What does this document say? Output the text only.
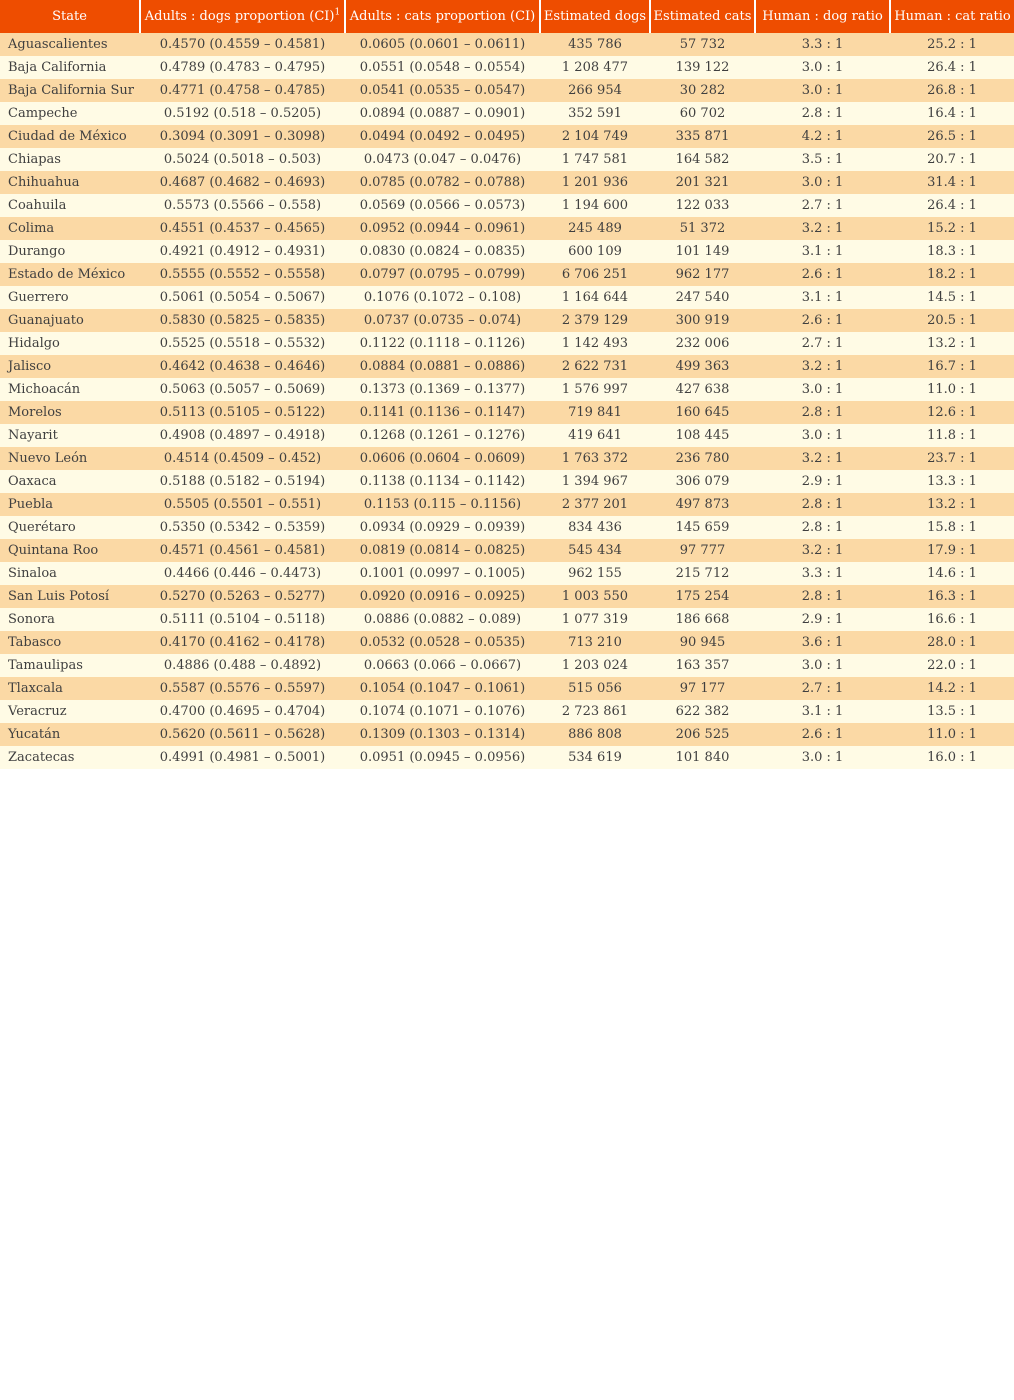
State	Adults : dogs proportion (CI)$^1$	Adults : cats proportion (CI)	Estimated dogs	Estimated cats	Human : dog ratio	Human : cat ratio
Aguascalientes	0.4570 (0.4559 – 0.4581)	0.0605 (0.0601 – 0.0611)	435 786	57 732	3.3 : 1	25.2 : 1
Baja California	0.4789 (0.4783 – 0.4795)	0.0551 (0.0548 – 0.0554)	1 208 477	139 122	3.0 : 1	26.4 : 1
Baja California Sur	0.4771 (0.4758 – 0.4785)	0.0541 (0.0535 – 0.0547)	266 954	30 282	3.0 : 1	26.8 : 1
Campeche	0.5192 (0.518 – 0.5205)	0.0894 (0.0887 – 0.0901)	352 591	60 702	2.8 : 1	16.4 : 1
Ciudad de México	0.3094 (0.3091 – 0.3098)	0.0494 (0.0492 – 0.0495)	2 104 749	335 871	4.2 : 1	26.5 : 1
Chiapas	0.5024 (0.5018 – 0.503)	0.0473 (0.047 – 0.0476)	1 747 581	164 582	3.5 : 1	20.7 : 1
Chihuahua	0.4687 (0.4682 – 0.4693)	0.0785 (0.0782 – 0.0788)	1 201 936	201 321	3.0 : 1	31.4 : 1
Coahuila	0.5573 (0.5566 – 0.558)	0.0569 (0.0566 – 0.0573)	1 194 600	122 033	2.7 : 1	26.4 : 1
Colima	0.4551 (0.4537 – 0.4565)	0.0952 (0.0944 – 0.0961)	245 489	51 372	3.2 : 1	15.2 : 1
Durango	0.4921 (0.4912 – 0.4931)	0.0830 (0.0824 – 0.0835)	600 109	101 149	3.1 : 1	18.3 : 1
Estado de México	0.5555 (0.5552 – 0.5558)	0.0797 (0.0795 – 0.0799)	6 706 251	962 177	2.6 : 1	18.2 : 1
Guerrero	0.5061 (0.5054 – 0.5067)	0.1076 (0.1072 – 0.108)	1 164 644	247 540	3.1 : 1	14.5 : 1
Guanajuato	0.5830 (0.5825 – 0.5835)	0.0737 (0.0735 – 0.074)	2 379 129	300 919	2.6 : 1	20.5 : 1
Hidalgo	0.5525 (0.5518 – 0.5532)	0.1122 (0.1118 – 0.1126)	1 142 493	232 006	2.7 : 1	13.2 : 1
Jalisco	0.4642 (0.4638 – 0.4646)	0.0884 (0.0881 – 0.0886)	2 622 731	499 363	3.2 : 1	16.7 : 1
Michoacán	0.5063 (0.5057 – 0.5069)	0.1373 (0.1369 – 0.1377)	1 576 997	427 638	3.0 : 1	11.0 : 1
Morelos	0.5113 (0.5105 – 0.5122)	0.1141 (0.1136 – 0.1147)	719 841	160 645	2.8 : 1	12.6 : 1
Nayarit	0.4908 (0.4897 – 0.4918)	0.1268 (0.1261 – 0.1276)	419 641	108 445	3.0 : 1	11.8 : 1
Nuevo León	0.4514 (0.4509 – 0.452)	0.0606 (0.0604 – 0.0609)	1 763 372	236 780	3.2 : 1	23.7 : 1
Oaxaca	0.5188 (0.5182 – 0.5194)	0.1138 (0.1134 – 0.1142)	1 394 967	306 079	2.9 : 1	13.3 : 1
Puebla	0.5505 (0.5501 – 0.551)	0.1153 (0.115 – 0.1156)	2 377 201	497 873	2.8 : 1	13.2 : 1
Querétaro	0.5350 (0.5342 – 0.5359)	0.0934 (0.0929 – 0.0939)	834 436	145 659	2.8 : 1	15.8 : 1
Quintana Roo	0.4571 (0.4561 – 0.4581)	0.0819 (0.0814 – 0.0825)	545 434	97 777	3.2 : 1	17.9 : 1
Sinaloa	0.4466 (0.446 – 0.4473)	0.1001 (0.0997 – 0.1005)	962 155	215 712	3.3 : 1	14.6 : 1
San Luis Potosí	0.5270 (0.5263 – 0.5277)	0.0920 (0.0916 – 0.0925)	1 003 550	175 254	2.8 : 1	16.3 : 1
Sonora	0.5111 (0.5104 – 0.5118)	0.0886 (0.0882 – 0.089)	1 077 319	186 668	2.9 : 1	16.6 : 1
Tabasco	0.4170 (0.4162 – 0.4178)	0.0532 (0.0528 – 0.0535)	713 210	90 945	3.6 : 1	28.0 : 1
Tamaulipas	0.4886 (0.488 – 0.4892)	0.0663 (0.066 – 0.0667)	1 203 024	163 357	3.0 : 1	22.0 : 1
Tlaxcala	0.5587 (0.5576 – 0.5597)	0.1054 (0.1047 – 0.1061)	515 056	97 177	2.7 : 1	14.2 : 1
Veracruz	0.4700 (0.4695 – 0.4704)	0.1074 (0.1071 – 0.1076)	2 723 861	622 382	3.1 : 1	13.5 : 1
Yucatán	0.5620 (0.5611 – 0.5628)	0.1309 (0.1303 – 0.1314)	886 808	206 525	2.6 : 1	11.0 : 1
Zacatecas	0.4991 (0.4981 – 0.5001)	0.0951 (0.0945 – 0.0956)	534 619	101 840	3.0 : 1	16.0 : 1
